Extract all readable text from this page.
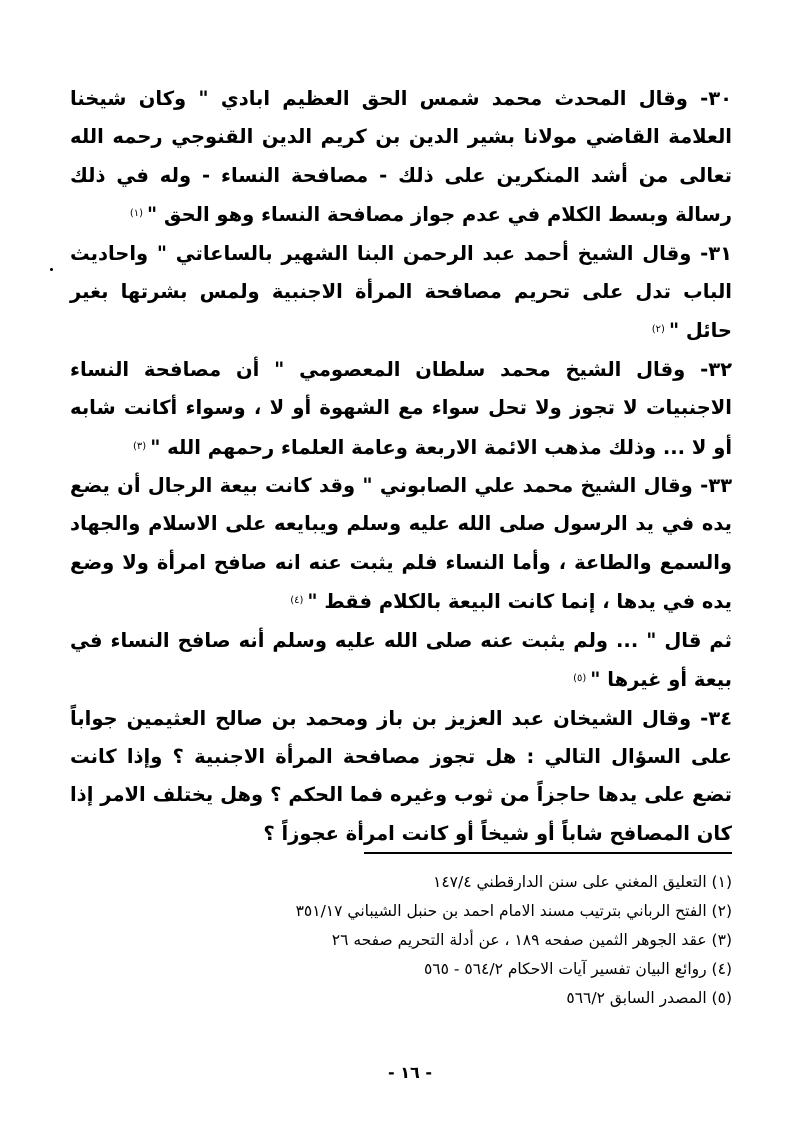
٣٠- وقال المحدث محمد شمس الحق العظيم ابادي " وكان شيخنا العلامة القاضي مولانا بشير الدين بن كريم الدين القنوجي رحمه الله تعالى من أشد المنكرين على ذلك - مصافحة النساء - وله في ذلك رسالة وبسط الكلام في عدم جواز مصافحة النساء وهو الحق "$^{(١)}$

٣١- وقال الشيخ أحمد عبد الرحمن البنا الشهير بالساعاتي " واحاديث الباب تدل على تحريم مصافحة المرأة الاجنبية ولمس بشرتها بغير حائل "$^{(٢)}$

٣٢- وقال الشيخ محمد سلطان المعصومي " أن مصافحة النساء الاجنبيات لا تجوز ولا تحل سواء مع الشهوة أو لا ، وسواء أكانت شابه أو لا ... وذلك مذهب الائمة الاربعة وعامة العلماء رحمهم الله "$^{(٣)}$

٣٣- وقال الشيخ محمد علي الصابوني " وقد كانت بيعة الرجال أن يضع يده في يد الرسول صلى الله عليه وسلم ويبايعه على الاسلام والجهاد والسمع والطاعة ، وأما النساء فلم يثبت عنه انه صافح امرأة ولا وضع يده في يدها ، إنما كانت البيعة بالكلام فقط "$^{(٤)}$

ثم قال " ... ولم يثبت عنه صلى الله عليه وسلم أنه صافح النساء في بيعة أو غيرها "$^{(٥)}$

٣٤- وقال الشيخان عبد العزيز بن باز ومحمد بن صالح العثيمين جواباً على السؤال التالي : هل تجوز مصافحة المرأة الاجنبية ؟ وإذا كانت تضع على يدها حاجزاً من ثوب وغيره فما الحكم ؟ وهل يختلف الامر إذا كان المصافح شاباً أو شيخاً أو كانت امرأة عجوزاً ؟

(١) التعليق المغني على سنن الدارقطني ١٤٧/٤
(٢) الفتح الرباني بترتيب مسند الامام احمد بن حنبل الشيباني ٣٥١/١٧
(٣) عقد الجوهر الثمين صفحه ١٨٩ ، عن أدلة التحريم صفحه ٢٦
(٤) روائع البيان تفسير آيات الاحكام ٥٦٤/٢ - ٥٦٥
(٥) المصدر السابق ٥٦٦/٢
- ١٦ -
